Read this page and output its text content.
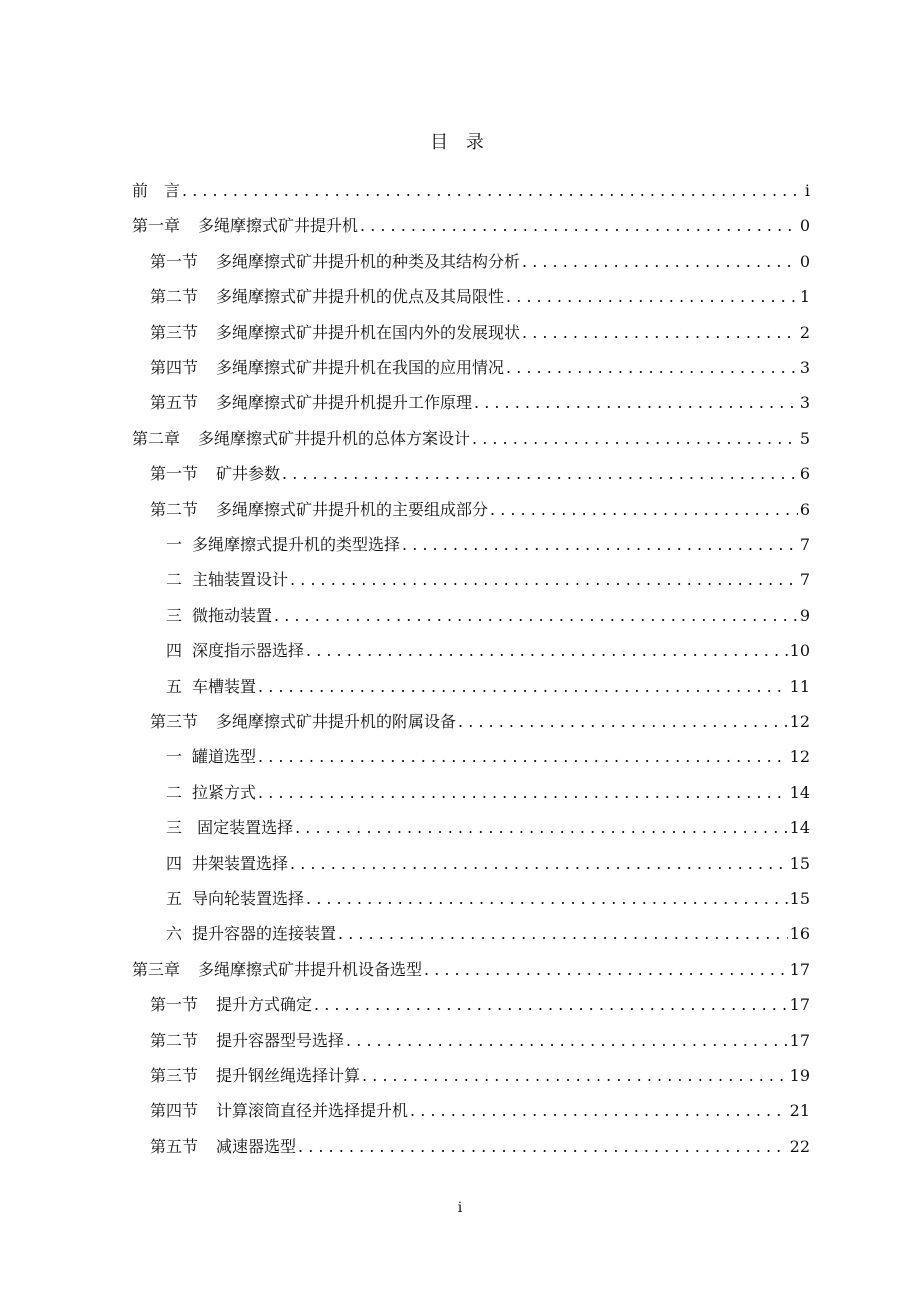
目 录
前　言 . . .	i
第一章 多绳摩擦式矿井提升机 . . .	0
第一节 多绳摩擦式矿井提升机的种类及其结构分析 . . .	0
第二节 多绳摩擦式矿井提升机的优点及其局限性 . . .	1
第三节 多绳摩擦式矿井提升机在国内外的发展现状 . . .	2
第四节 多绳摩擦式矿井提升机在我国的应用情况 . . .	3
第五节 多绳摩擦式矿井提升机提升工作原理 . . .	3
第二章 多绳摩擦式矿井提升机的总体方案设计 . . .	5
第一节 矿井参数 . . .	6
第二节 多绳摩擦式矿井提升机的主要组成部分 . . .	6
一 多绳摩擦式提升机的类型选择 . . .	7
二 主轴装置设计 . . .	7
三 微拖动装置 . . .	9
四 深度指示器选择 . . .	10
五 车槽装置 . . .	11
第三节 多绳摩擦式矿井提升机的附属设备 . . .	12
一 罐道选型 . . .	12
二 拉紧方式 . . .	14
三 固定装置选择 . . .	14
四 井架装置选择 . . .	15
五 导向轮装置选择 . . .	15
六 提升容器的连接装置 . . .	16
第三章 多绳摩擦式矿井提升机设备选型 . . .	17
第一节 提升方式确定 . . .	17
第二节 提升容器型号选择 . . .	17
第三节 提升钢丝绳选择计算 . . .	19
第四节 计算滚筒直径并选择提升机 . . .	21
第五节 减速器选型 . . .	22
i
